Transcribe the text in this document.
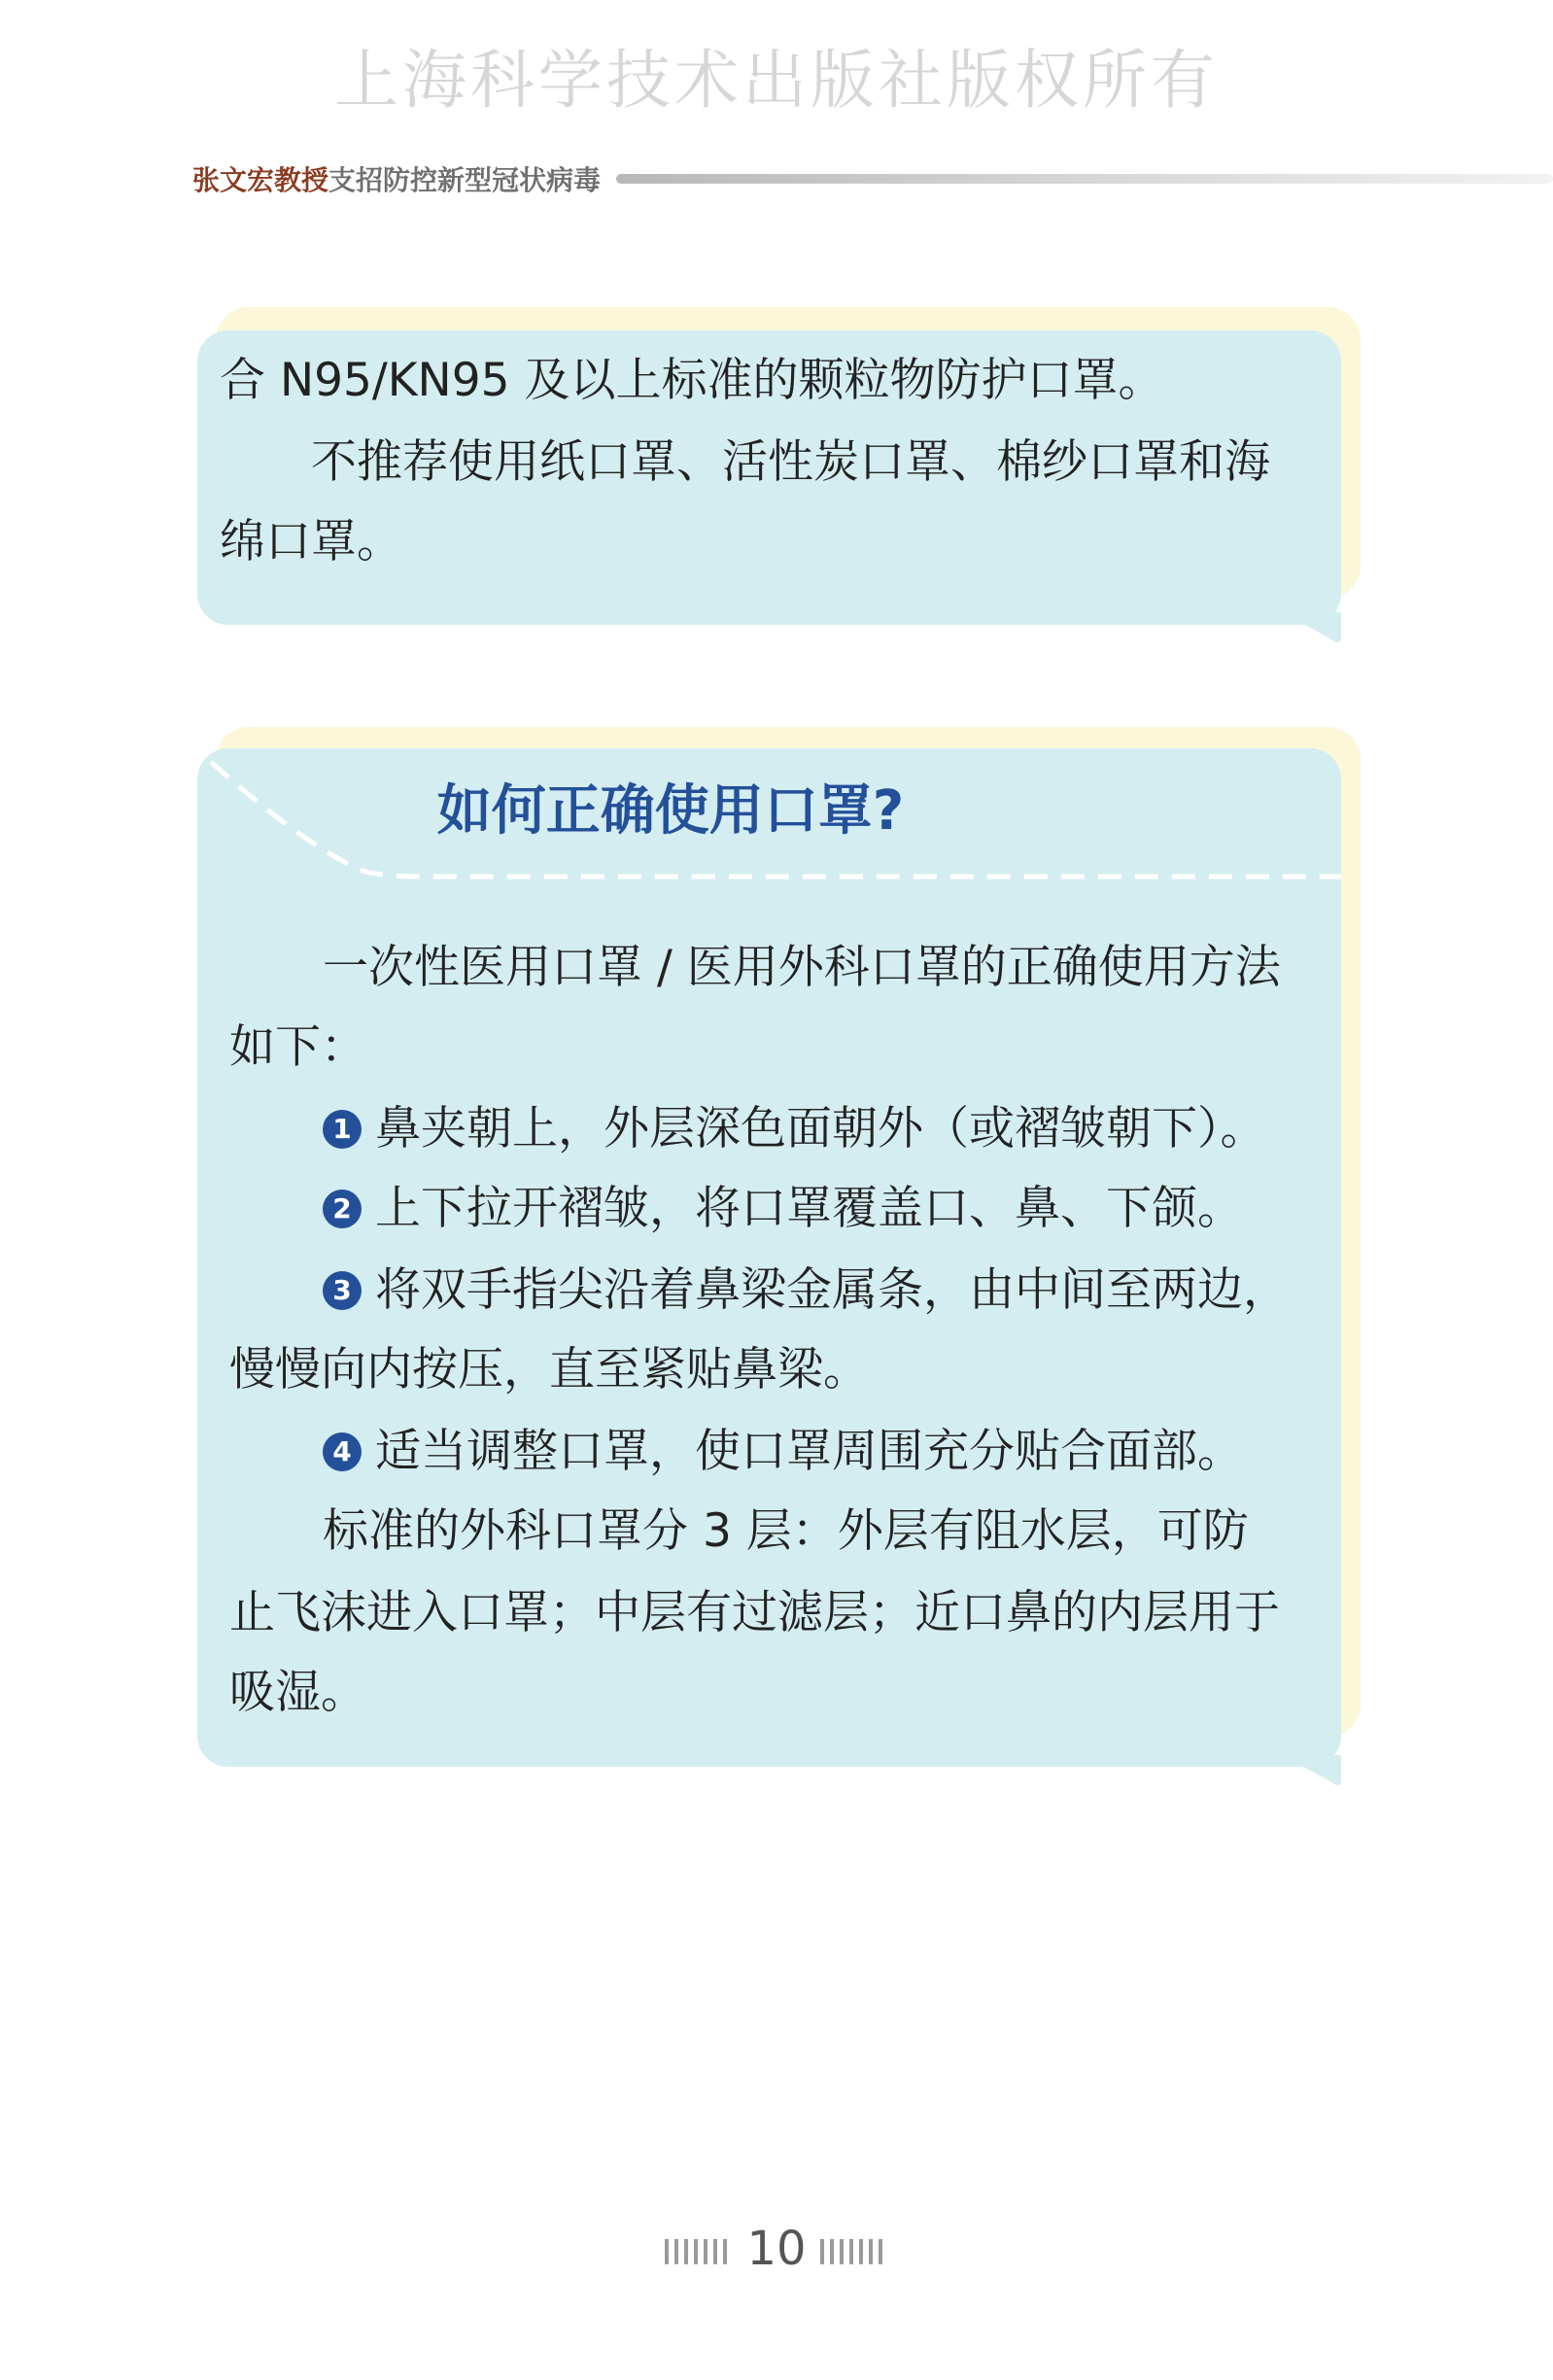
上海科学技术出版社版权所有
张文宏教授 支招防控新型冠状病毒
合 N95/KN95 及以上标准的颗粒物防护口罩。
不推荐使用纸口罩、活性炭口罩、棉纱口罩和海
绵口罩。
如何正确使用口罩?
一次性医用口罩 / 医用外科口罩的正确使用方法
如下：
1 鼻夹朝上，外层深色面朝外（或褶皱朝下）。
2 上下拉开褶皱，将口罩覆盖口、鼻、下颌。
3 将双手指尖沿着鼻梁金属条，由中间至两边，
慢慢向内按压，直至紧贴鼻梁。
4 适当调整口罩，使口罩周围充分贴合面部。
标准的外科口罩分 3 层：外层有阻水层，可防
止飞沫进入口罩；中层有过滤层；近口鼻的内层用于
吸湿。
10
